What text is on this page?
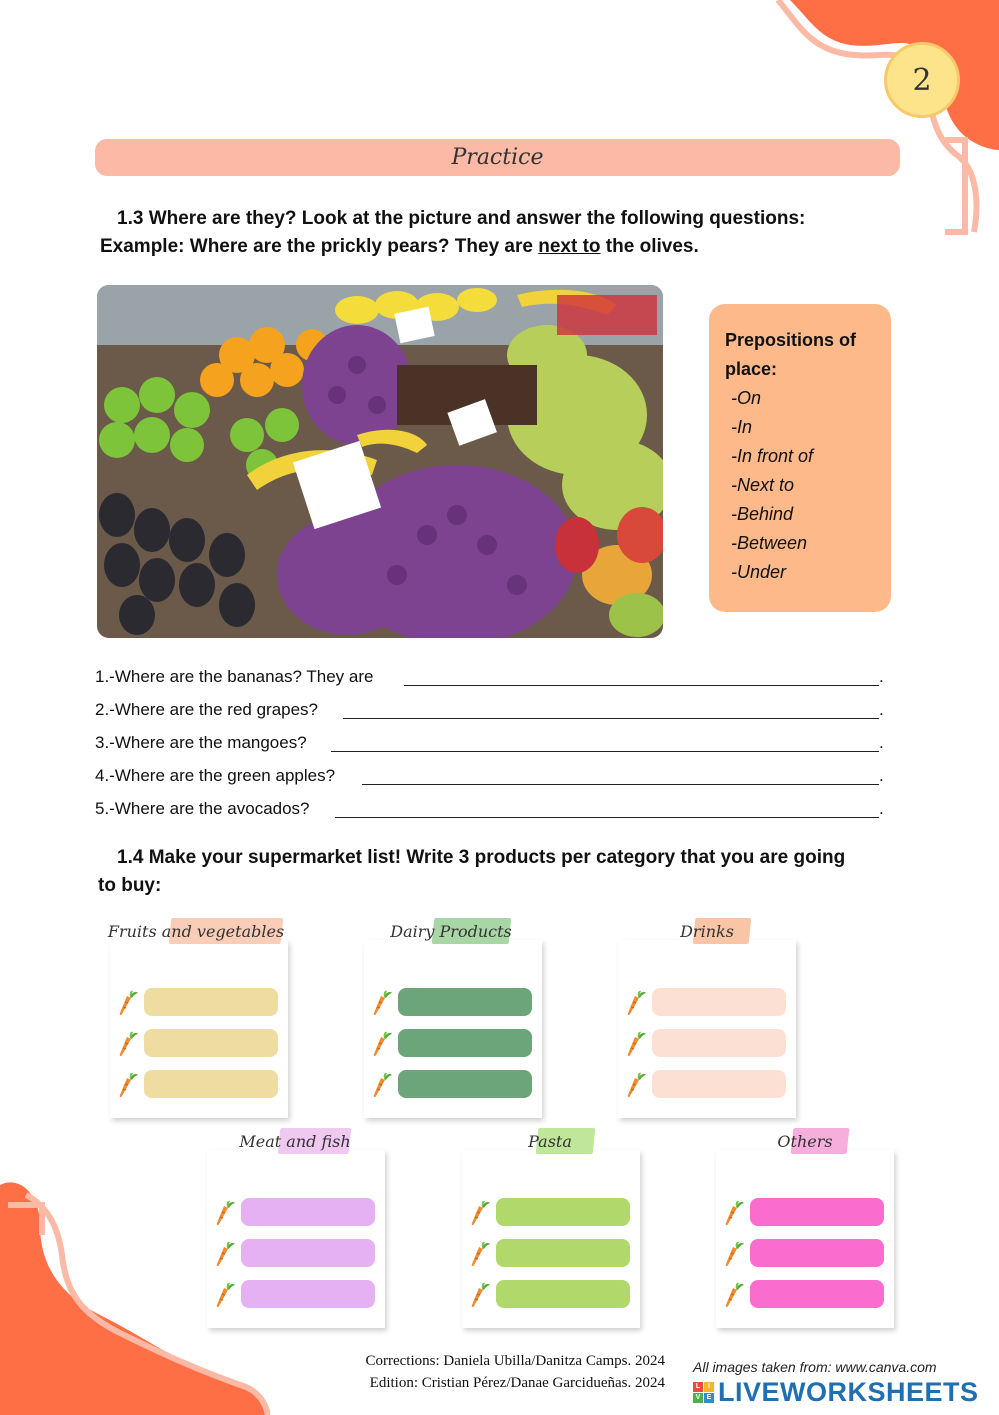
2
Practice
1.3 Where are they? Look at the picture and answer the following questions:
Example: Where are the prickly pears? They are next to the olives.
Prepositions of
place:
-On
-In
-In front of
-Next to
-Behind
-Between
-Under
1.-Where are the bananas? They are	.
2.-Where are the red grapes?	.
3.-Where are the mangoes?	.
4.-Where are the green apples?	.
5.-Where are the avocados?	.
1.4 Make your supermarket list! Write 3 products per category that you are going
to buy:
Fruits and vegetables	Dairy Products	Drinks
Meat and fish	Pasta	Others
Corrections: Daniela Ubilla/Danitza Camps. 2024
Edition: Cristian Pérez/Danae Garcidueñas. 2024
All images taken from: www.canva.com
L	I
V E LIVEWORKSHEETS
